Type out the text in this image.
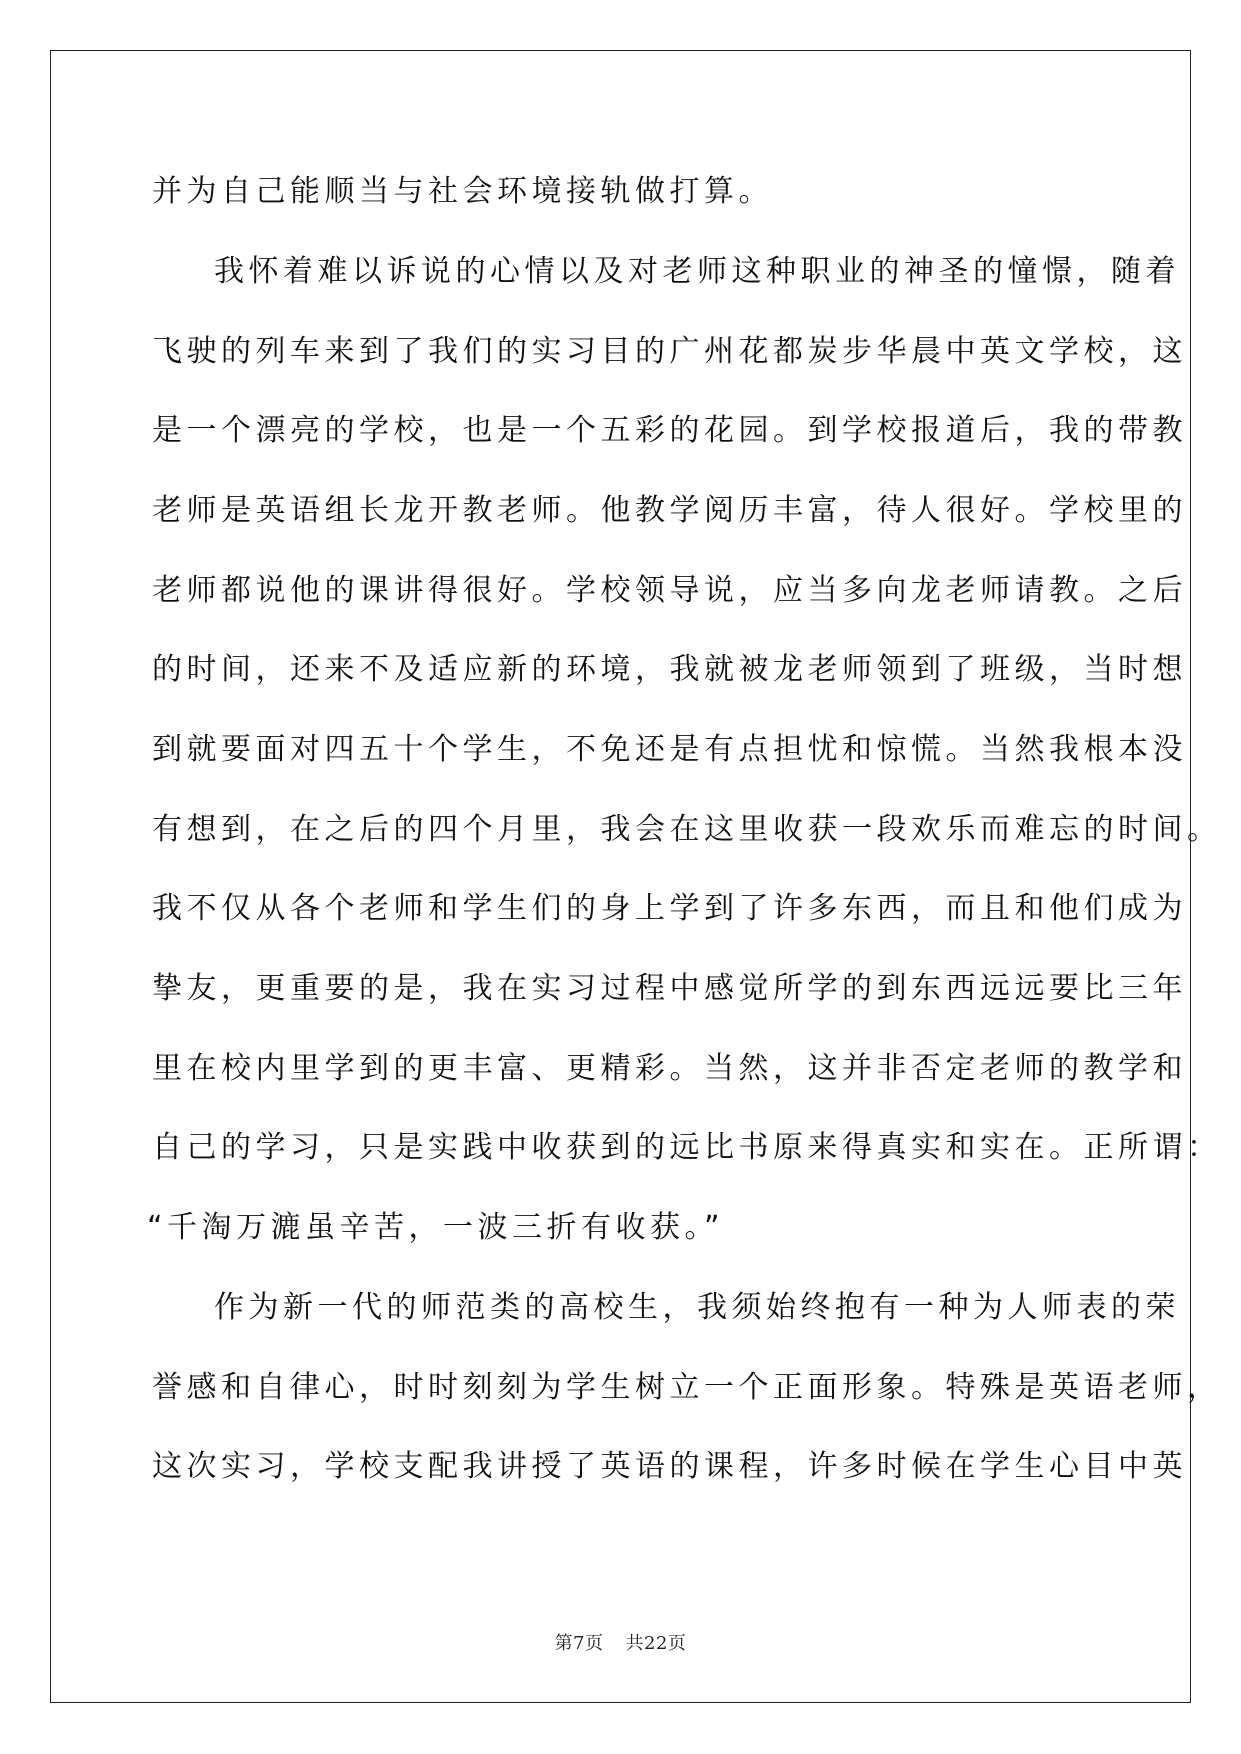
并为自己能顺当与社会环境接轨做打算。
我怀着难以诉说的心情以及对老师这种职业的神圣的憧憬，随着
飞驶的列车来到了我们的实习目的广州花都炭步华晨中英文学校，这
是一个漂亮的学校，也是一个五彩的花园。到学校报道后，我的带教
老师是英语组长龙开教老师。他教学阅历丰富，待人很好。学校里的
老师都说他的课讲得很好。学校领导说，应当多向龙老师请教。之后
的时间，还来不及适应新的环境，我就被龙老师领到了班级，当时想
到就要面对四五十个学生，不免还是有点担忧和惊慌。当然我根本没
有想到，在之后的四个月里，我会在这里收获一段欢乐而难忘的时间。
我不仅从各个老师和学生们的身上学到了许多东西，而且和他们成为
挚友，更重要的是，我在实习过程中感觉所学的到东西远远要比三年
里在校内里学到的更丰富、更精彩。当然，这并非否定老师的教学和
自己的学习，只是实践中收获到的远比书原来得真实和实在。正所谓：
“千淘万漉虽辛苦，一波三折有收获。”
作为新一代的师范类的高校生，我须始终抱有一种为人师表的荣
誉感和自律心，时时刻刻为学生树立一个正面形象。特殊是英语老师，
这次实习，学校支配我讲授了英语的课程，许多时候在学生心目中英
第7页 共22页
